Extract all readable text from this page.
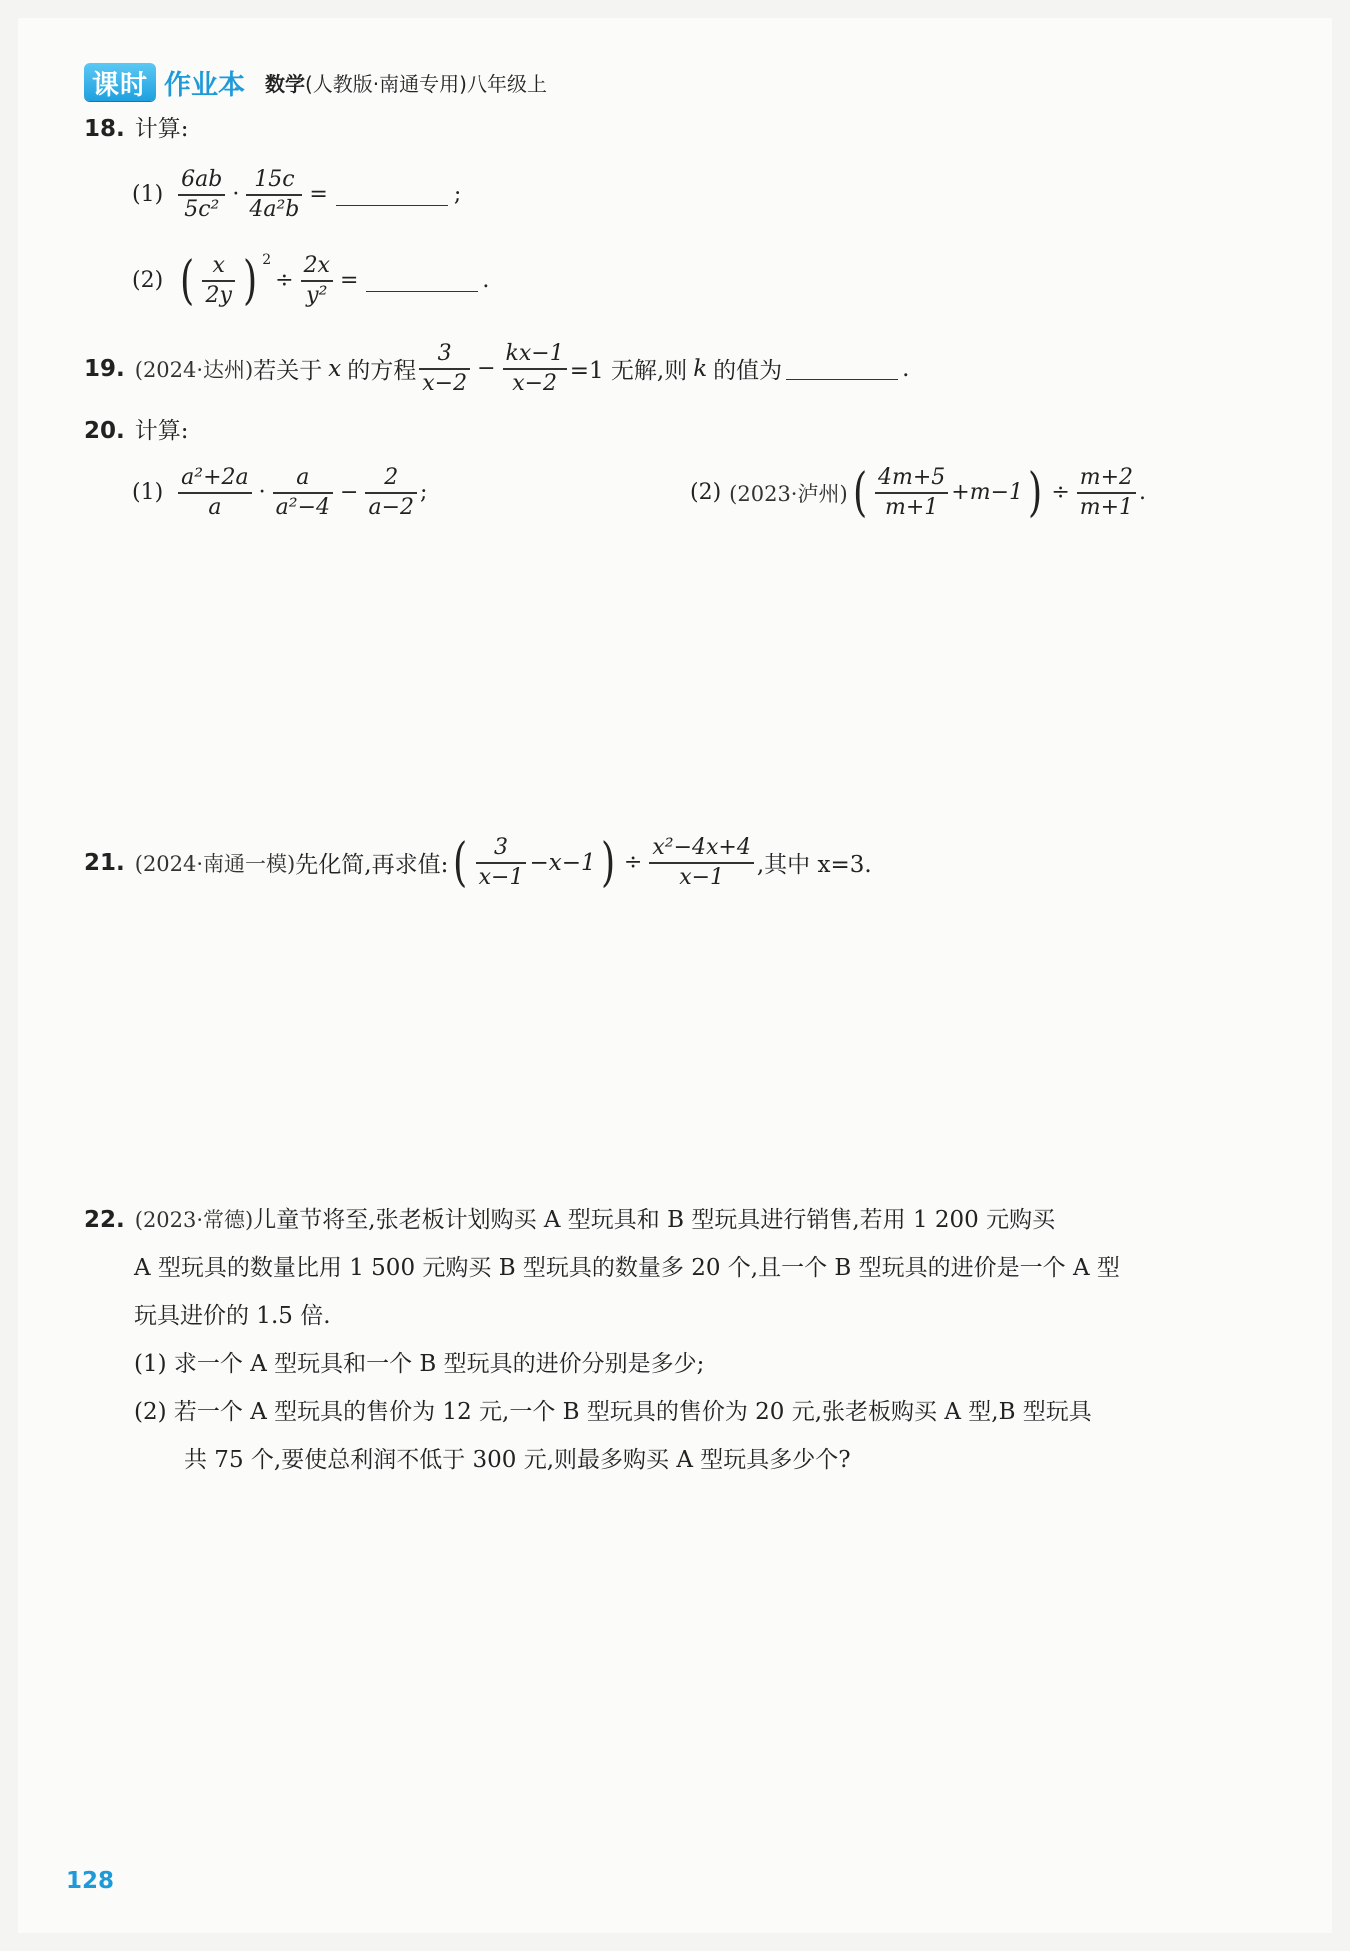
课时 作业本 数学(人教版·南通专用)八年级上
18. 计算:
$(1) \frac{6ab}{\text{5c²}} \cdot \frac{15c}{\text{4a²b}}$ =	;
(2) ( $\frac{x}{2y}$ ) 2
÷ $\frac{2x}{\text{y²}}$ =	.
19. (2024·达州) 若关于 x 的方程 $\frac{3}{x-2} - \frac{kx-1}{x-2} =1$ 无解,则 k 的值为	.
20. 计算:
$(1) \frac{\text{a²+2a}}{a} \cdot \frac{a}{\text{a²−4}} - \frac{2}{a-2}$ ;	(2) (2023·泸州) ( $\frac{4m+5}{m+1} +m-1$ ) ÷ $\frac{m+2}{m+1}$ .
21. (2024·南通一模) 先化简,再求值: ( $\frac{3}{x-1} -x-1$ ) ÷ $\frac{\text{x²−4x+4}}{x-1}$ ,其中 x=3.
22. (2023·常德)儿童节将至,张老板计划购买 A 型玩具和 B 型玩具进行销售,若用 1 200 元购买
A 型玩具的数量比用 1 500 元购买 B 型玩具的数量多 20 个,且一个 B 型玩具的进价是一个 A 型
玩具进价的 1.5 倍.
(1) 求一个 A 型玩具和一个 B 型玩具的进价分别是多少;
(2) 若一个 A 型玩具的售价为 12 元,一个 B 型玩具的售价为 20 元,张老板购买 A 型,B 型玩具
共 75 个,要使总利润不低于 300 元,则最多购买 A 型玩具多少个?
128
